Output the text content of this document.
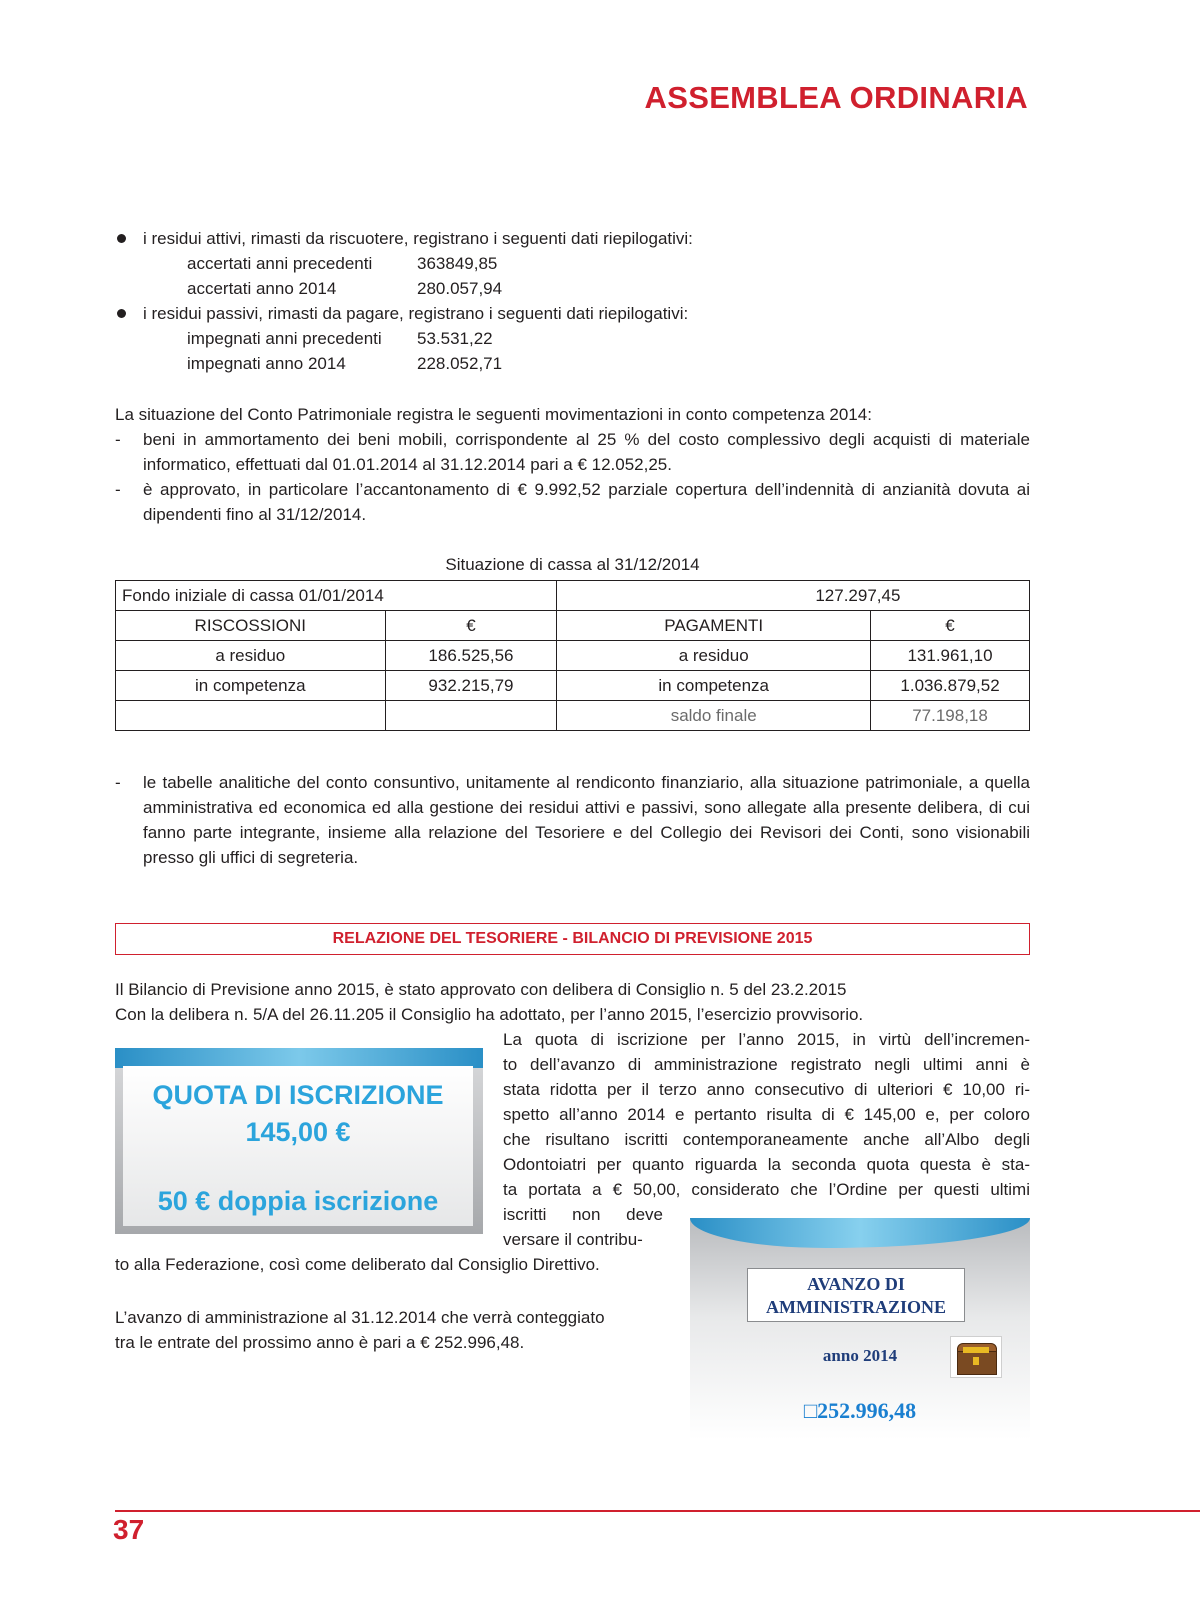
ASSEMBLEA ORDINARIA
i residui attivi, rimasti da riscuotere, registrano i seguenti dati riepilogativi:
accertati anni precedenti	363849,85
accertati anno 2014	280.057,94
i residui passivi, rimasti da pagare, registrano i seguenti dati riepilogativi:
impegnati anni precedenti 53.531,22
impegnati anno 2014	228.052,71
La situazione del Conto Patrimoniale registra le seguenti movimentazioni in conto competenza 2014:
- beni in ammortamento dei beni mobili, corrispondente al 25 % del costo complessivo degli acquisti di materiale informatico, effettuati dal 01.01.2014 al 31.12.2014 pari a € 12.052,25.
- è approvato, in particolare l’accantonamento di € 9.992,52 parziale copertura dell’indennità di anzianità dovuta ai dipendenti fino al 31/12/2014.
Situazione di cassa al 31/12/2014
Fondo iniziale di cassa 01/01/2014		127.297,45	
RISCOSSIONI	€	PAGAMENTI	€
a residuo	186.525,56	a residuo	131.961,10
in competenza	932.215,79	in competenza	1.036.879,52
		saldo finale	77.198,18
- le tabelle analitiche del conto consuntivo, unitamente al rendiconto finanziario, alla situazione patrimoniale, a quella amministrativa ed economica ed alla gestione dei residui attivi e passivi, sono allegate alla presente delibera, di cui fanno parte integrante, insieme alla relazione del Tesoriere e del Collegio dei Revisori dei Conti, sono visionabili presso gli uffici di segreteria.
RELAZIONE DEL TESORIERE - BILANCIO DI PREVISIONE 2015
Il Bilancio di Previsione anno 2015, è stato approvato con delibera di Consiglio n. 5 del 23.2.2015
Con la delibera n. 5/A del 26.11.205 il Consiglio ha adottato, per l’anno 2015, l’esercizio provvisorio.
La quota di iscrizione per l’anno 2015, in virtù dell’incremen-
to dell’avanzo di amministrazione registrato negli ultimi anni è
stata ridotta per il terzo anno consecutivo di ulteriori € 10,00 ri-
spetto all’anno 2014 e pertanto risulta di € 145,00 e, per coloro
che risultano iscritti contemporaneamente anche all’Albo degli
Odontoiatri per quanto riguarda la seconda quota questa è sta-
ta portata a € 50,00, considerato che l’Ordine per questi ultimi
iscritti non deve
versare il contribu-
to alla Federazione, così come deliberato dal Consiglio Direttivo.
L’avanzo di amministrazione al 31.12.2014 che verrà conteggiato
tra le entrate del prossimo anno è pari a € 252.996,48.
QUOTA DI ISCRIZIONE
145,00 €
50 € doppia iscrizione
AVANZO DI
AMMINISTRAZIONE
anno 2014
□252.996,48
37
